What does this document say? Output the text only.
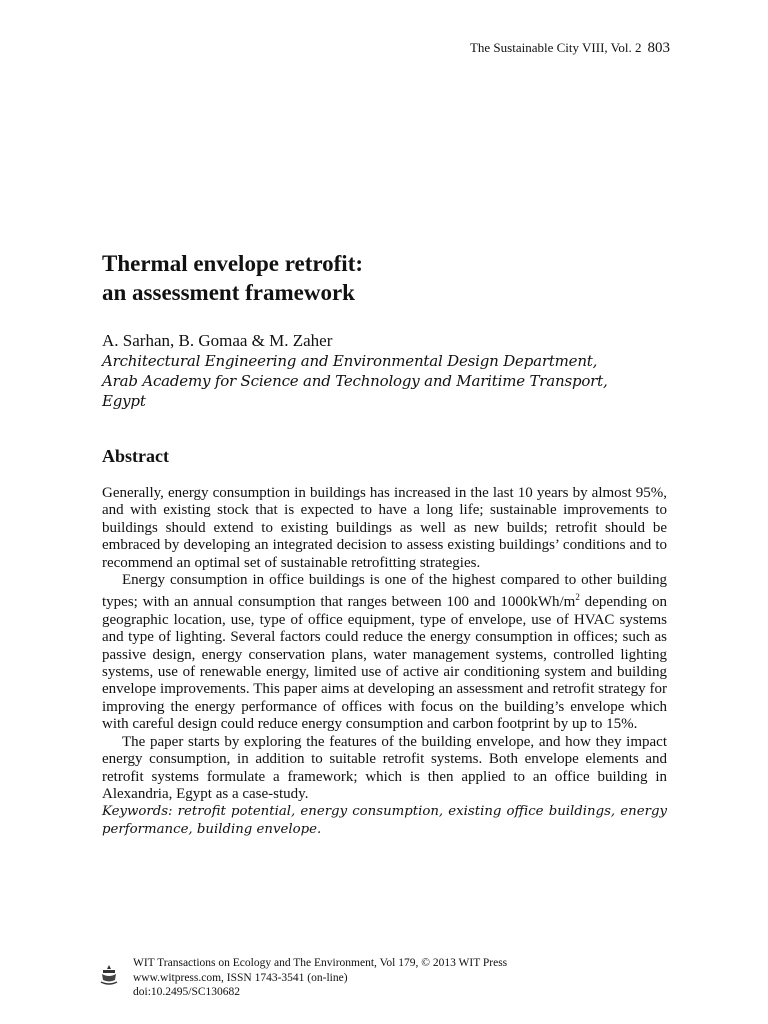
The Sustainable City VIII, Vol. 2 803
Thermal envelope retrofit:
an assessment framework
A. Sarhan, B. Gomaa & M. Zaher
Architectural Engineering and Environmental Design Department,
Arab Academy for Science and Technology and Maritime Transport,
Egypt
Abstract

Generally, energy consumption in buildings has increased in the last 10 years by almost 95%, and with existing stock that is expected to have a long life; sustainable improvements to buildings should extend to existing buildings as well as new builds; retrofit should be embraced by developing an integrated decision to assess existing buildings’ conditions and to recommend an optimal set of sustainable retrofitting strategies.

Energy consumption in office buildings is one of the highest compared to other building types; with an annual consumption that ranges between 100 and $1000kWh/m^2$ depending on geographic location, use, type of office equipment, type of envelope, use of HVAC systems and type of lighting. Several factors could reduce the energy consumption in offices; such as passive design, energy conservation plans, water management systems, controlled lighting systems, use of renewable energy, limited use of active air conditioning system and building envelope improvements. This paper aims at developing an assessment and retrofit strategy for improving the energy performance of offices with focus on the building’s envelope which with careful design could reduce energy consumption and carbon footprint by up to 15%.

The paper starts by exploring the features of the building envelope, and how they impact energy consumption, in addition to suitable retrofit systems. Both envelope elements and retrofit systems formulate a framework; which is then applied to an office building in Alexandria, Egypt as a case-study.

Keywords: retrofit potential, energy consumption, existing office buildings, energy performance, building envelope.

WIT Transactions on Ecology and The Environment, Vol 179, © 2013 WIT Press
www.witpress.com, ISSN 1743-3541 (on-line)
doi:10.2495/SC130682
